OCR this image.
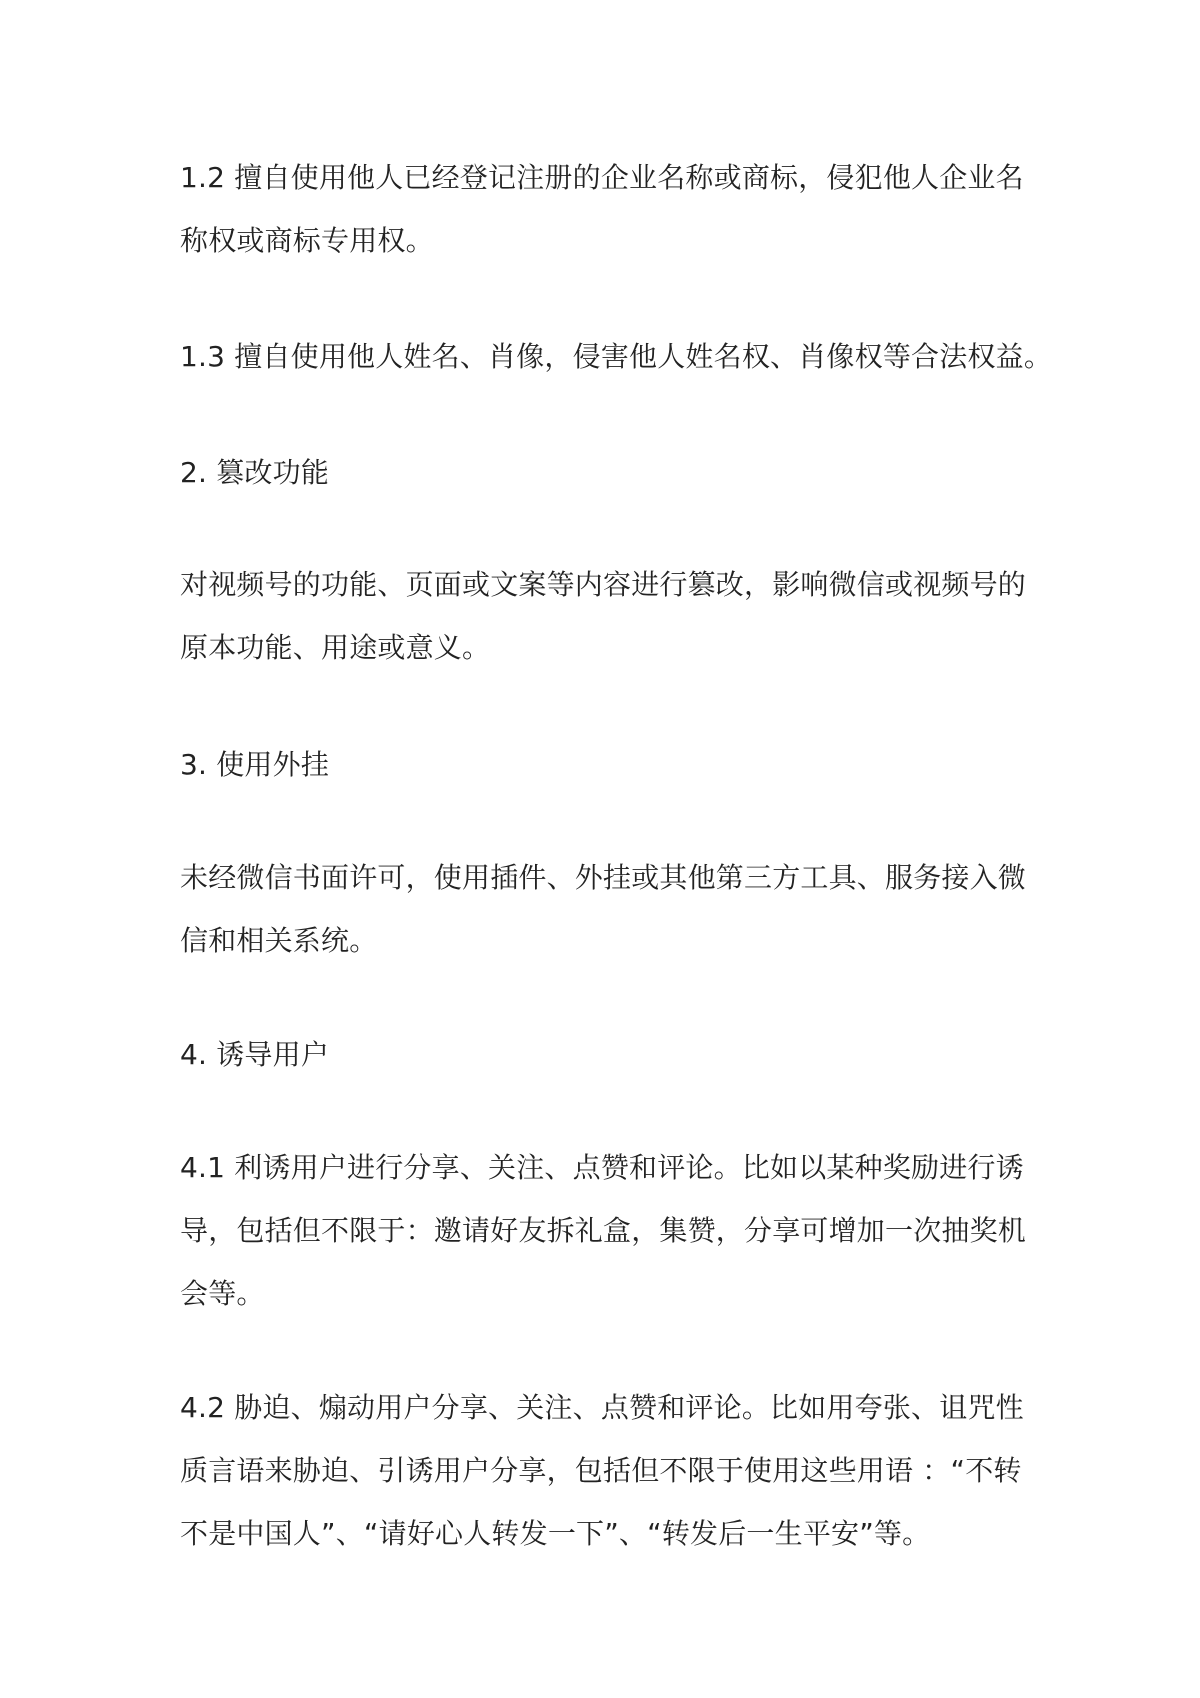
1.2 擅自使用他人已经登记注册的企业名称或商标，侵犯他人企业名
称权或商标专用权。

1.3 擅自使用他人姓名、肖像，侵害他人姓名权、肖像权等合法权益。

2. 篡改功能

对视频号的功能、页面或文案等内容进行篡改，影响微信或视频号的
原本功能、用途或意义。

3. 使用外挂

未经微信书面许可，使用插件、外挂或其他第三方工具、服务接入微
信和相关系统。

4. 诱导用户

4.1 利诱用户进行分享、关注、点赞和评论。比如以某种奖励进行诱
导，包括但不限于：邀请好友拆礼盒，集赞，分享可增加一次抽奖机
会等。

4.2 胁迫、煽动用户分享、关注、点赞和评论。比如用夸张、诅咒性
质言语来胁迫、引诱用户分享，包括但不限于使用这些用语 ：“不转
不是中国人”、“请好心人转发一下”、“转发后一生平安”等。
